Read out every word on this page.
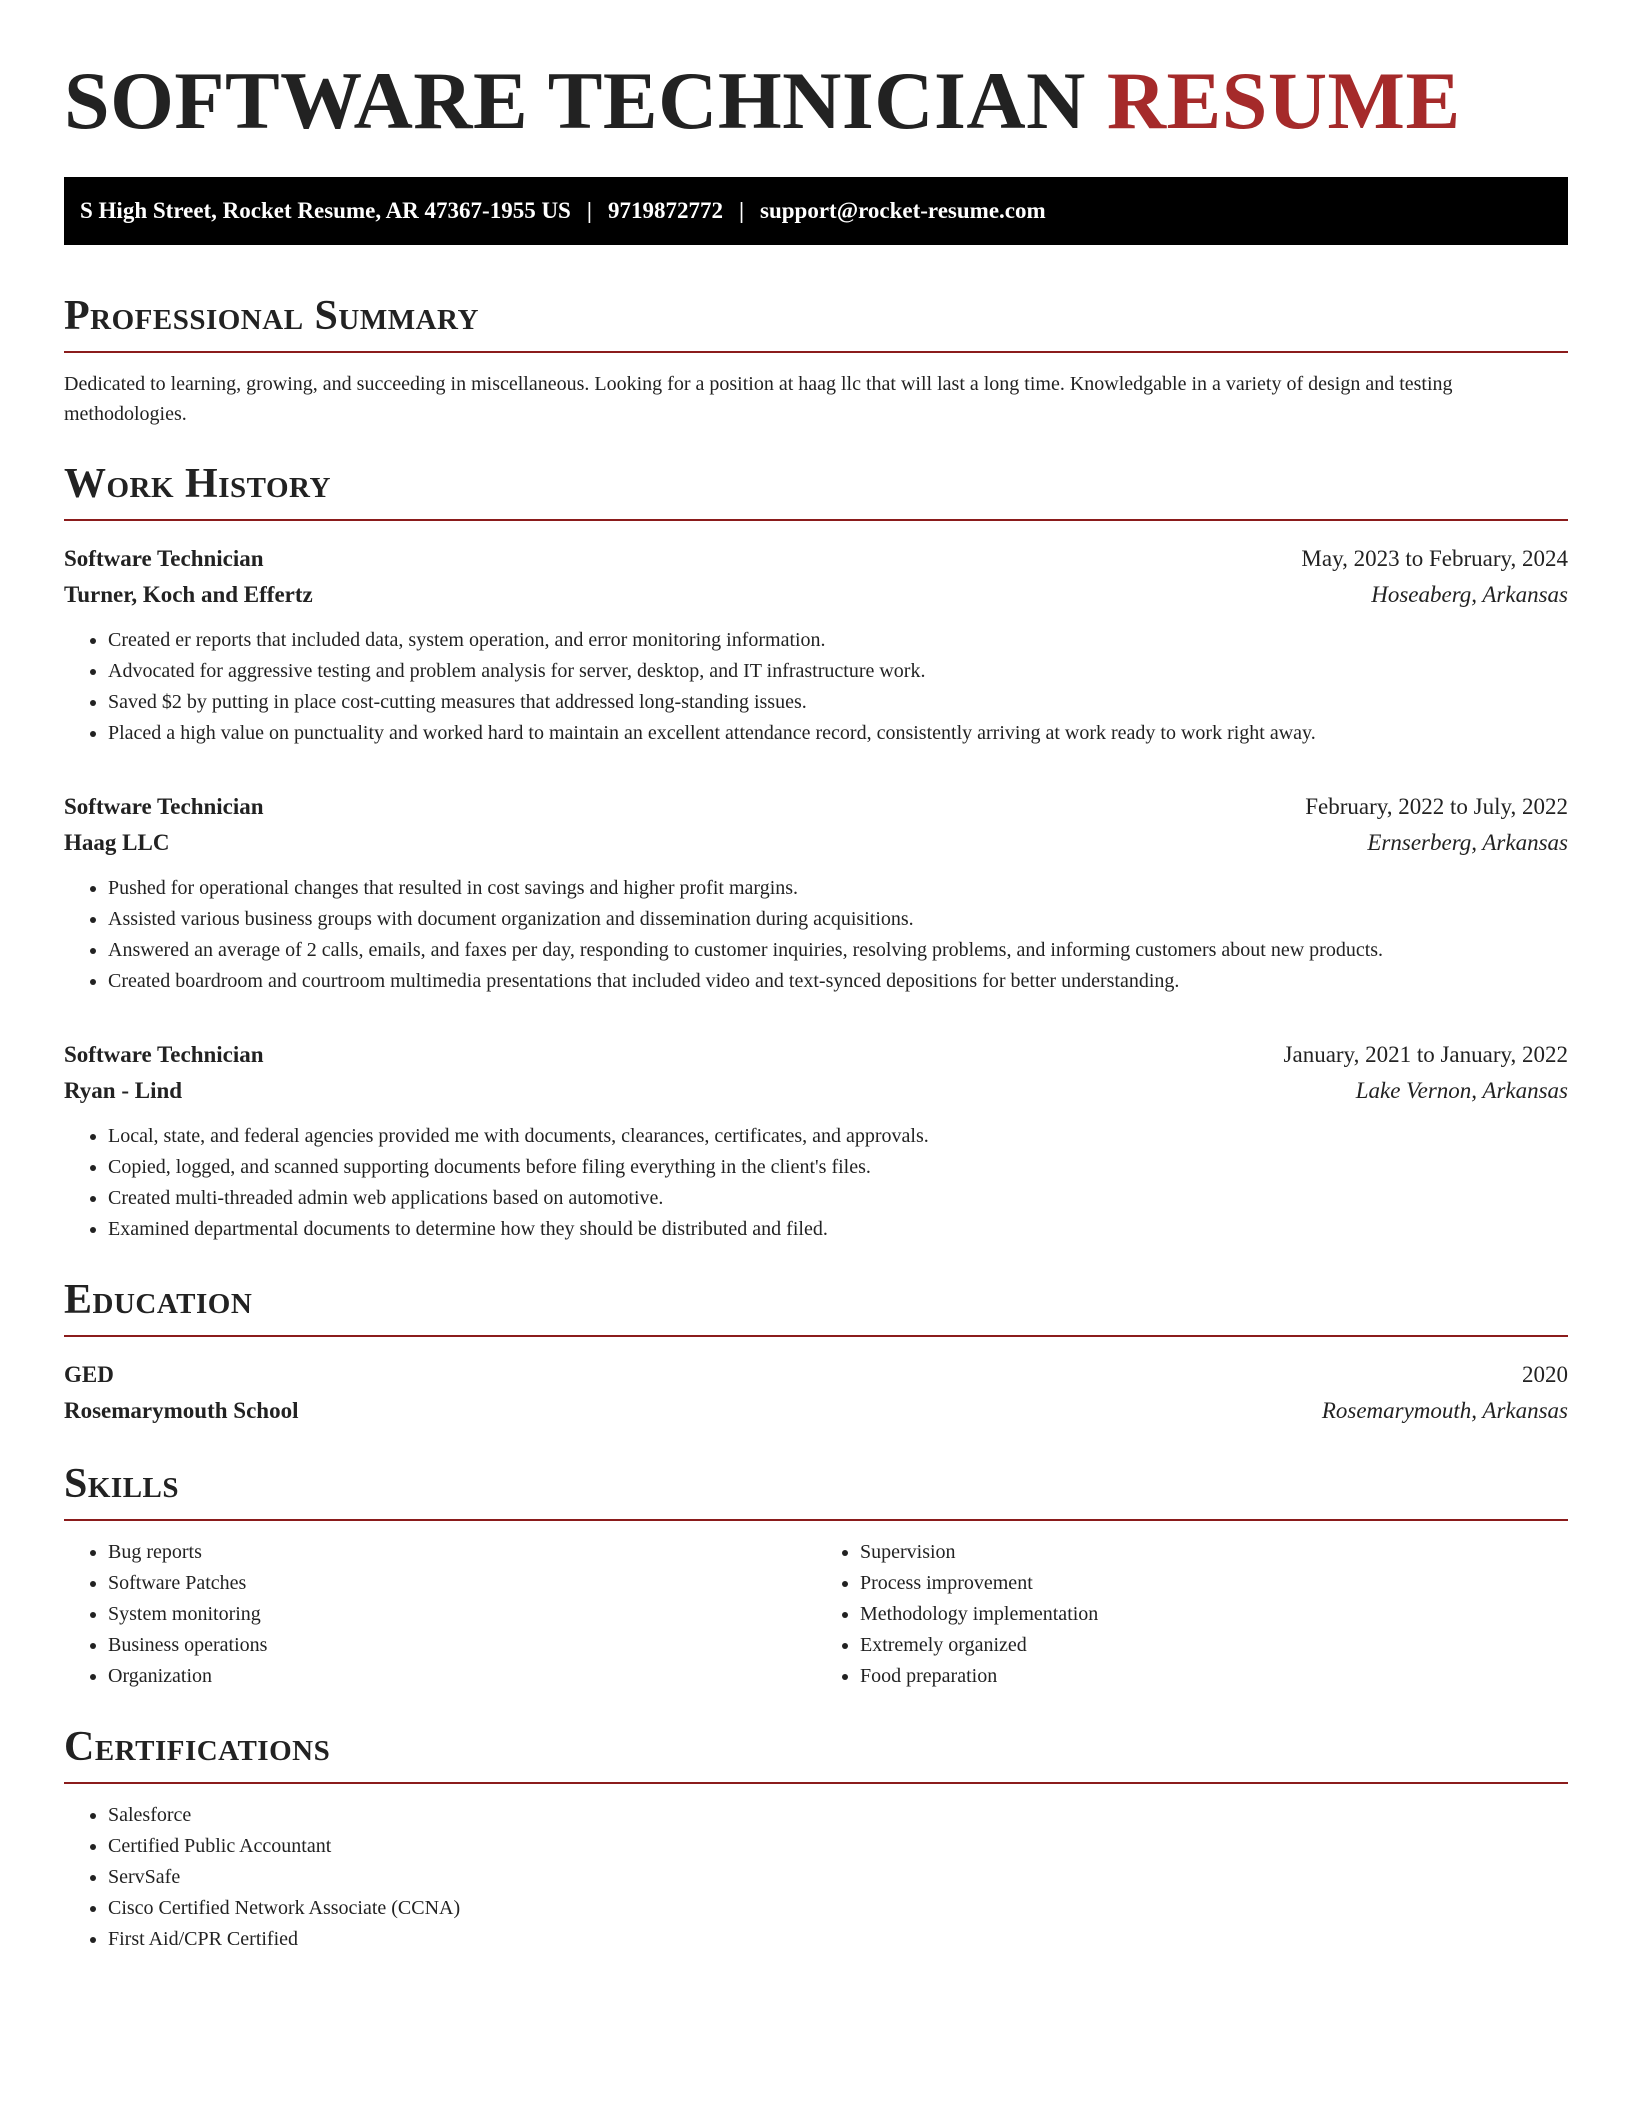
SOFTWARE TECHNICIAN RESUME
S High Street, Rocket Resume, AR 47367-1955 US | 9719872772 | support@rocket-resume.com
Professional Summary

Dedicated to learning, growing, and succeeding in miscellaneous. Looking for a position at haag llc that will last a long time. Knowledgable in a variety of design and testing methodologies.

Work History
Software Technician	May, 2023 to February, 2024
Turner, Koch and Effertz	Hoseaberg, Arkansas
• Created er reports that included data, system operation, and error monitoring information.
• Advocated for aggressive testing and problem analysis for server, desktop, and IT infrastructure work.
• Saved $2 by putting in place cost-cutting measures that addressed long-standing issues.
• Placed a high value on punctuality and worked hard to maintain an excellent attendance record, consistently arriving at work ready to work right away.
Software Technician	February, 2022 to July, 2022
Haag LLC	Ernserberg, Arkansas
• Pushed for operational changes that resulted in cost savings and higher profit margins.
• Assisted various business groups with document organization and dissemination during acquisitions.
• Answered an average of 2 calls, emails, and faxes per day, responding to customer inquiries, resolving problems, and informing customers about new products.
• Created boardroom and courtroom multimedia presentations that included video and text-synced depositions for better understanding.
Software Technician	January, 2021 to January, 2022
Ryan - Lind	Lake Vernon, Arkansas
• Local, state, and federal agencies provided me with documents, clearances, certificates, and approvals.
• Copied, logged, and scanned supporting documents before filing everything in the client's files.
• Created multi-threaded admin web applications based on automotive.
• Examined departmental documents to determine how they should be distributed and filed.
Education
GED	2020
Rosemarymouth School	Rosemarymouth, Arkansas
Skills
• Bug reports
• Software Patches
• System monitoring
• Business operations
• Organization
• Supervision
• Process improvement
• Methodology implementation
• Extremely organized
• Food preparation
Certifications
• Salesforce
• Certified Public Accountant
• ServSafe
• Cisco Certified Network Associate (CCNA)
• First Aid/CPR Certified
